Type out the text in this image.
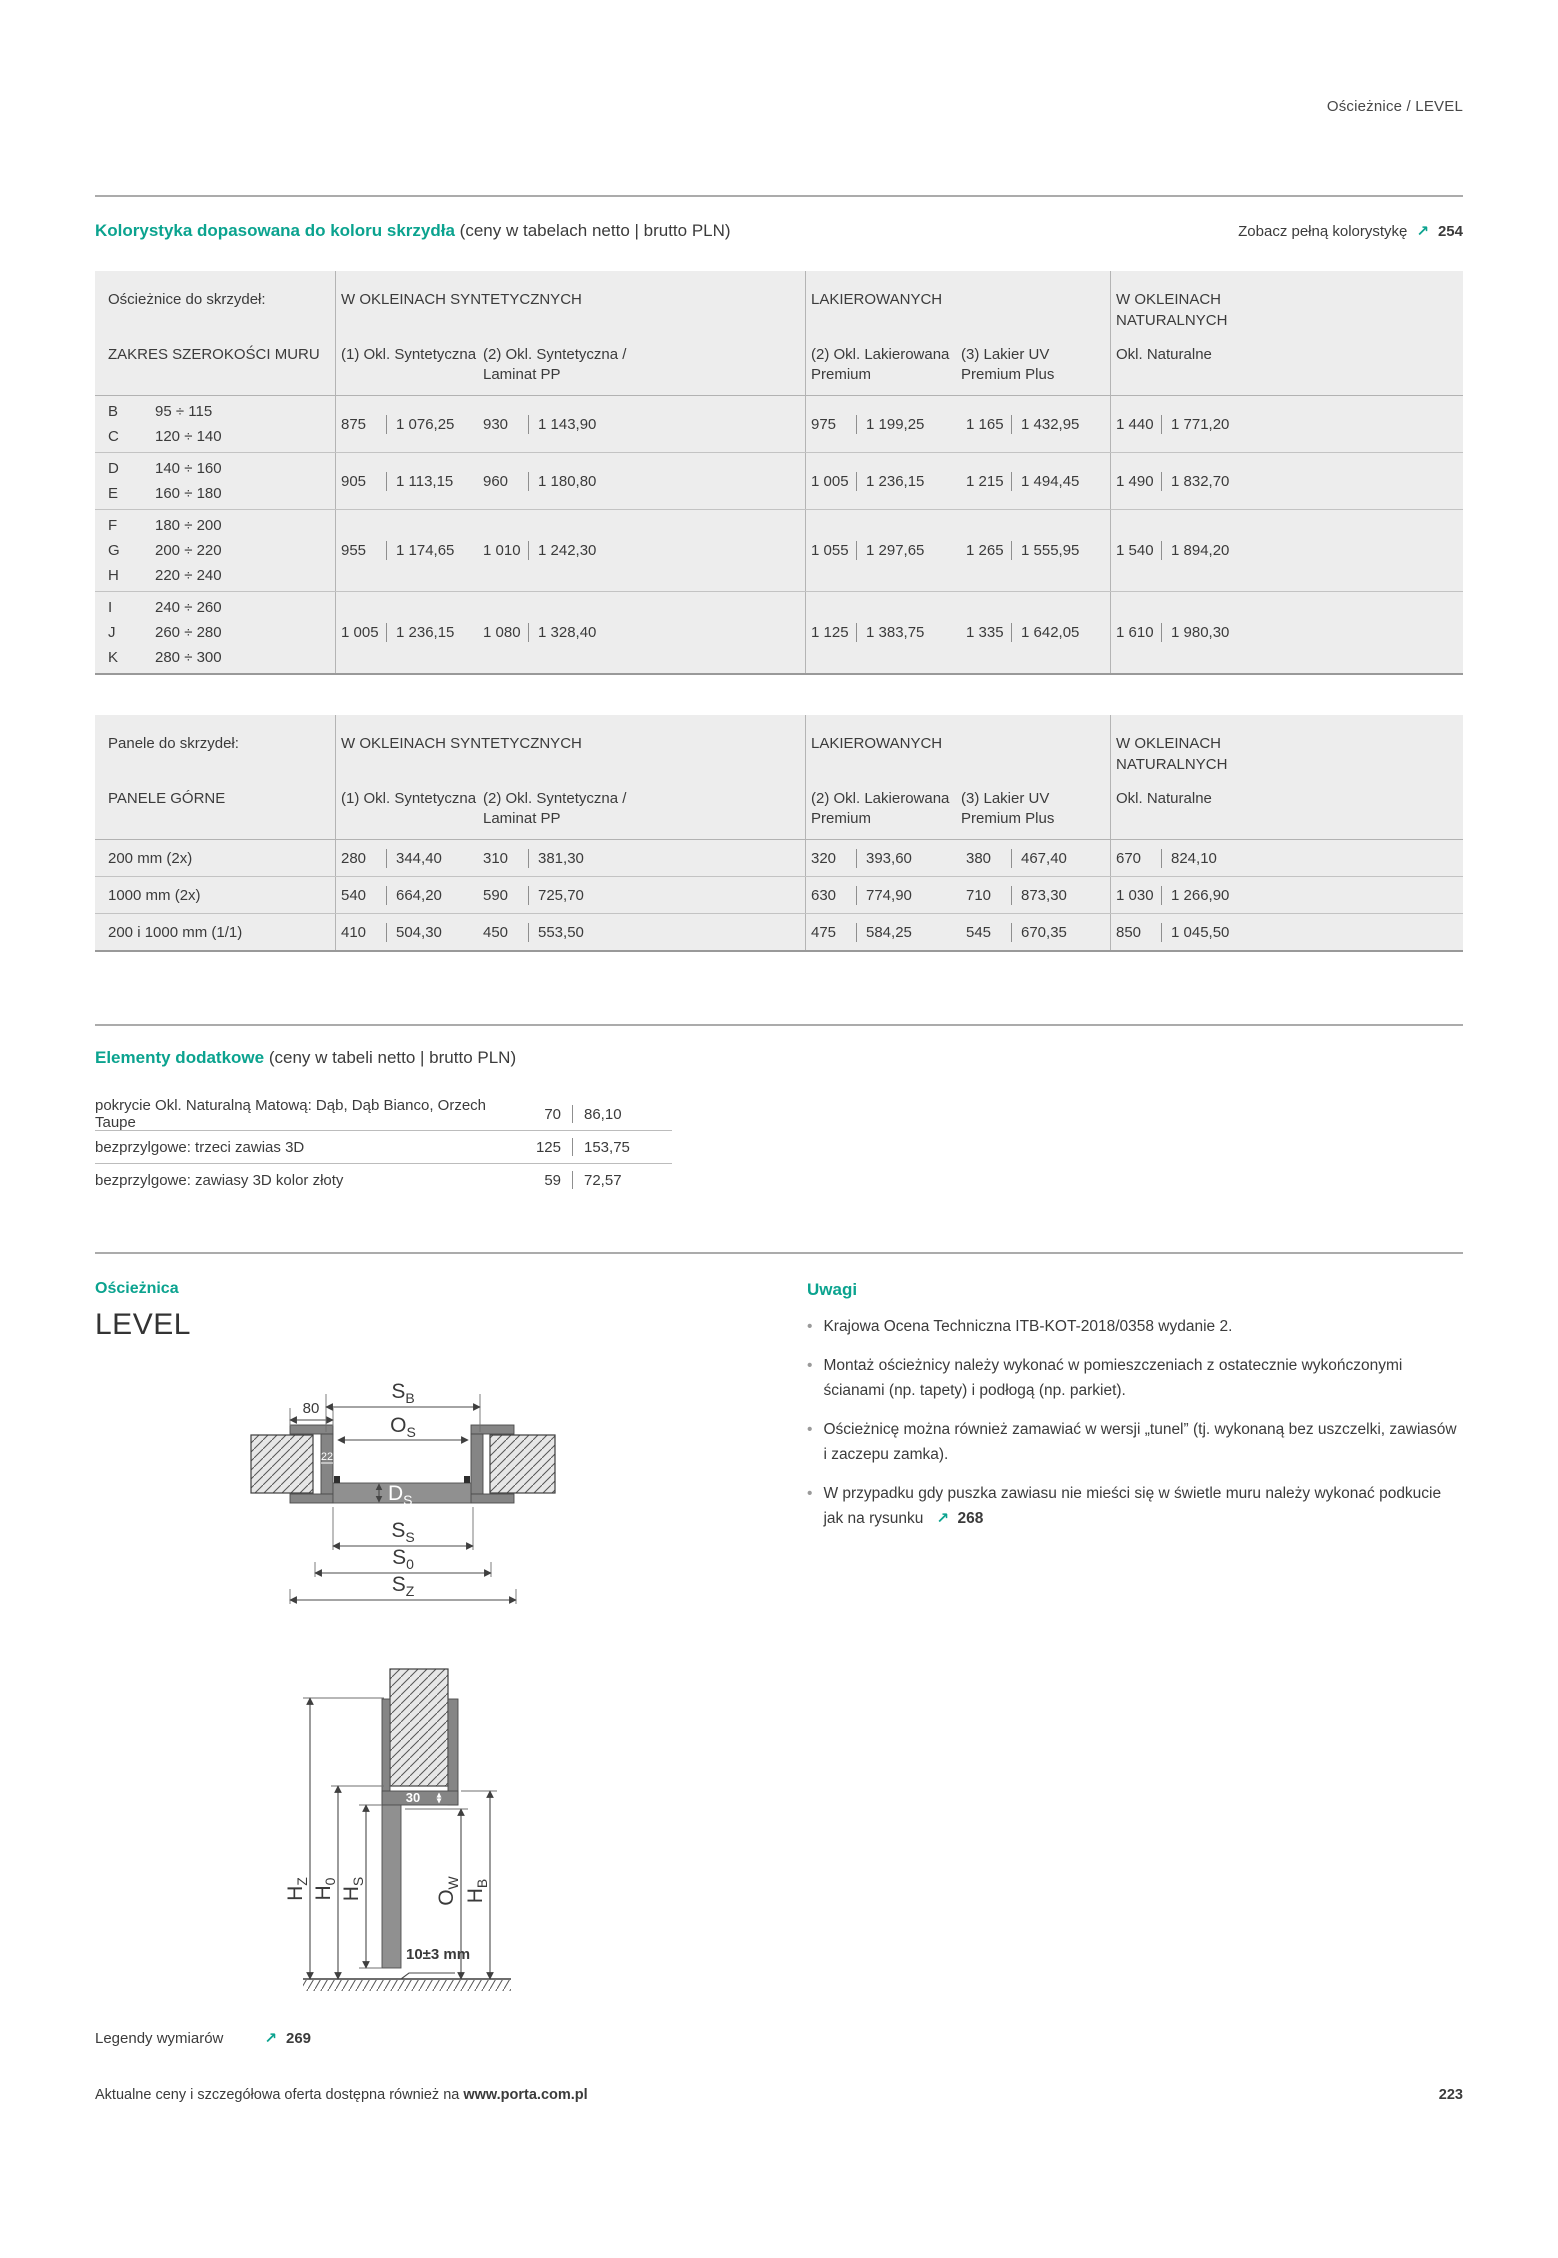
Ościeżnice / LEVEL
Kolorystyka dopasowana do koloru skrzydła (ceny w tabelach netto | brutto PLN)	Zobacz pełną kolorystykę ↗ 254
Ościeżnice do skrzydeł:
ZAKRES SZEROKOŚCI MURU
W OKLEINACH SYNTETYCZNYCH
(1) Okl. Syntetyczna (2) Okl. Syntetyczna / Laminat PP
LAKIEROWANYCH
(2) Okl. Lakierowana Premium
(3) Lakier UV Premium Plus
W OKLEINACH NATURALNYCH
Okl. Naturalne
B 95 ÷ 115
C 120 ÷ 140
875	1 076,25 930	1 143,90	975	1 199,25	1 165 1 432,95 1 440 1 771,20
D 140 ÷ 160
E 160 ÷ 180
905	1 113,15 960	1 180,80	1 005 1 236,15	1 215 1 494,45 1 490 1 832,70
F	180 ÷ 200
G 200 ÷ 220
H 220 ÷ 240
955	1 174,65 1 010 1 242,30	1 055 1 297,65	1 265 1 555,95 1 540 1 894,20
I	240 ÷ 260
J	260 ÷ 280
K 280 ÷ 300
1 005 1 236,15 1 080 1 328,40	1 125 1 383,75	1 335 1 642,05 1 610 1 980,30
Panele do skrzydeł:
PANELE GÓRNE
W OKLEINACH SYNTETYCZNYCH
(1) Okl. Syntetyczna (2) Okl. Syntetyczna / Laminat PP
LAKIEROWANYCH
(2) Okl. Lakierowana Premium
(3) Lakier UV Premium Plus
W OKLEINACH NATURALNYCH
Okl. Naturalne
200 mm (2x)	280	344,40	310	381,30	320	393,60	380	467,40	670	824,10
1000 mm (2x)	540	664,20	590	725,70	630	774,90	710	873,30	1 030 1 266,90
200 i 1000 mm (1/1)	410	504,30	450	553,50	475	584,25	545	670,35	850	1 045,50
Elementy dodatkowe (ceny w tabeli netto | brutto PLN)
pokrycie Okl. Naturalną Matową: Dąb, Dąb Bianco, Orzech Taupe	70 86,10
bezprzylgowe: trzeci zawias 3D	125 153,75
bezprzylgowe: zawiasy 3D kolor złoty	59 72,57
Ościeżnica
LEVEL
80
$S_B$
$O_S$
22
$D_S$
$S_S$
$S_0$
$S_Z$
30
$H_Z$
$H_0$
$H_S$
$O_W$
$H_B$
10±3 mm
Legendy wymiarów	↗ 269
Uwagi
• Krajowa Ocena Techniczna ITB-KOT-2018/0358 wydanie 2.
• Montaż ościeżnicy należy wykonać w pomieszczeniach z ostatecznie wykończonymi ścianami (np. tapety) i podłogą (np. parkiet).
• Ościeżnicę można również zamawiać w wersji „tunel” (tj. wykonaną bez uszczelki, zawiasów i zaczepu zamka).
• W przypadku gdy puszka zawiasu nie mieści się w świetle muru należy wykonać podkucie jak na rysunku ↗ 268
Aktualne ceny i szczegółowa oferta dostępna również na www.porta.com.pl	223
